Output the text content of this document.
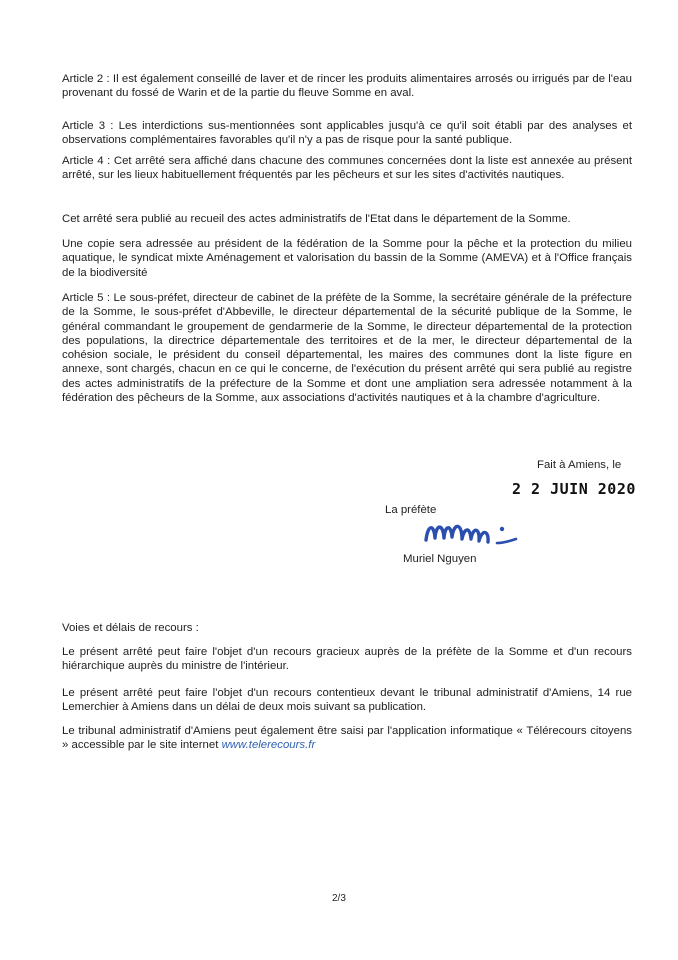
Article 2 : Il est également conseillé de laver et de rincer les produits alimentaires arrosés ou irrigués par de l'eau provenant du fossé de Warin et de la partie du fleuve Somme en aval.

Article 3 : Les interdictions sus-mentionnées sont applicables jusqu'à ce qu'il soit établi par des analyses et observations complémentaires favorables qu'il n'y a pas de risque pour la santé publique.

Article 4 : Cet arrêté sera affiché dans chacune des communes concernées dont la liste est annexée au présent arrêté, sur les lieux habituellement fréquentés par les pêcheurs et sur les sites d'activités nautiques.

Cet arrêté sera publié au recueil des actes administratifs de l'Etat dans le département de la Somme.

Une copie sera adressée au président de la fédération de la Somme pour la pêche et la protection du milieu aquatique, le syndicat mixte Aménagement et valorisation du bassin de la Somme (AMEVA) et à l'Office français de la biodiversité

Article 5 : Le sous-préfet, directeur de cabinet de la préfète de la Somme, la secrétaire générale de la préfecture de la Somme, le sous-préfet d'Abbeville, le directeur départemental de la sécurité publique de la Somme, le général commandant le groupement de gendarmerie de la Somme, le directeur départemental de la protection des populations, la directrice départementale des territoires et de la mer, le directeur départemental de la cohésion sociale, le président du conseil départemental, les maires des communes dont la liste figure en annexe, sont chargés, chacun en ce qui le concerne, de l'exécution du présent arrêté qui sera publié au registre des actes administratifs de la préfecture de la Somme et dont une ampliation sera adressée notamment à la fédération des pêcheurs de la Somme, aux associations d'activités nautiques et à la chambre d'agriculture.

Fait à Amiens, le
2 2 JUIN 2020
La préfète
Muriel Nguyen

Voies et délais de recours :

Le présent arrêté peut faire l'objet d'un recours gracieux auprès de la préfète de la Somme et d'un recours hiérarchique auprès du ministre de l'intérieur.

Le présent arrêté peut faire l'objet d'un recours contentieux devant le tribunal administratif d'Amiens, 14 rue Lemerchier à Amiens dans un délai de deux mois suivant sa publication.

Le tribunal administratif d'Amiens peut également être saisi par l'application informatique « Télérecours citoyens » accessible par le site internet www.telerecours.fr

2/3
